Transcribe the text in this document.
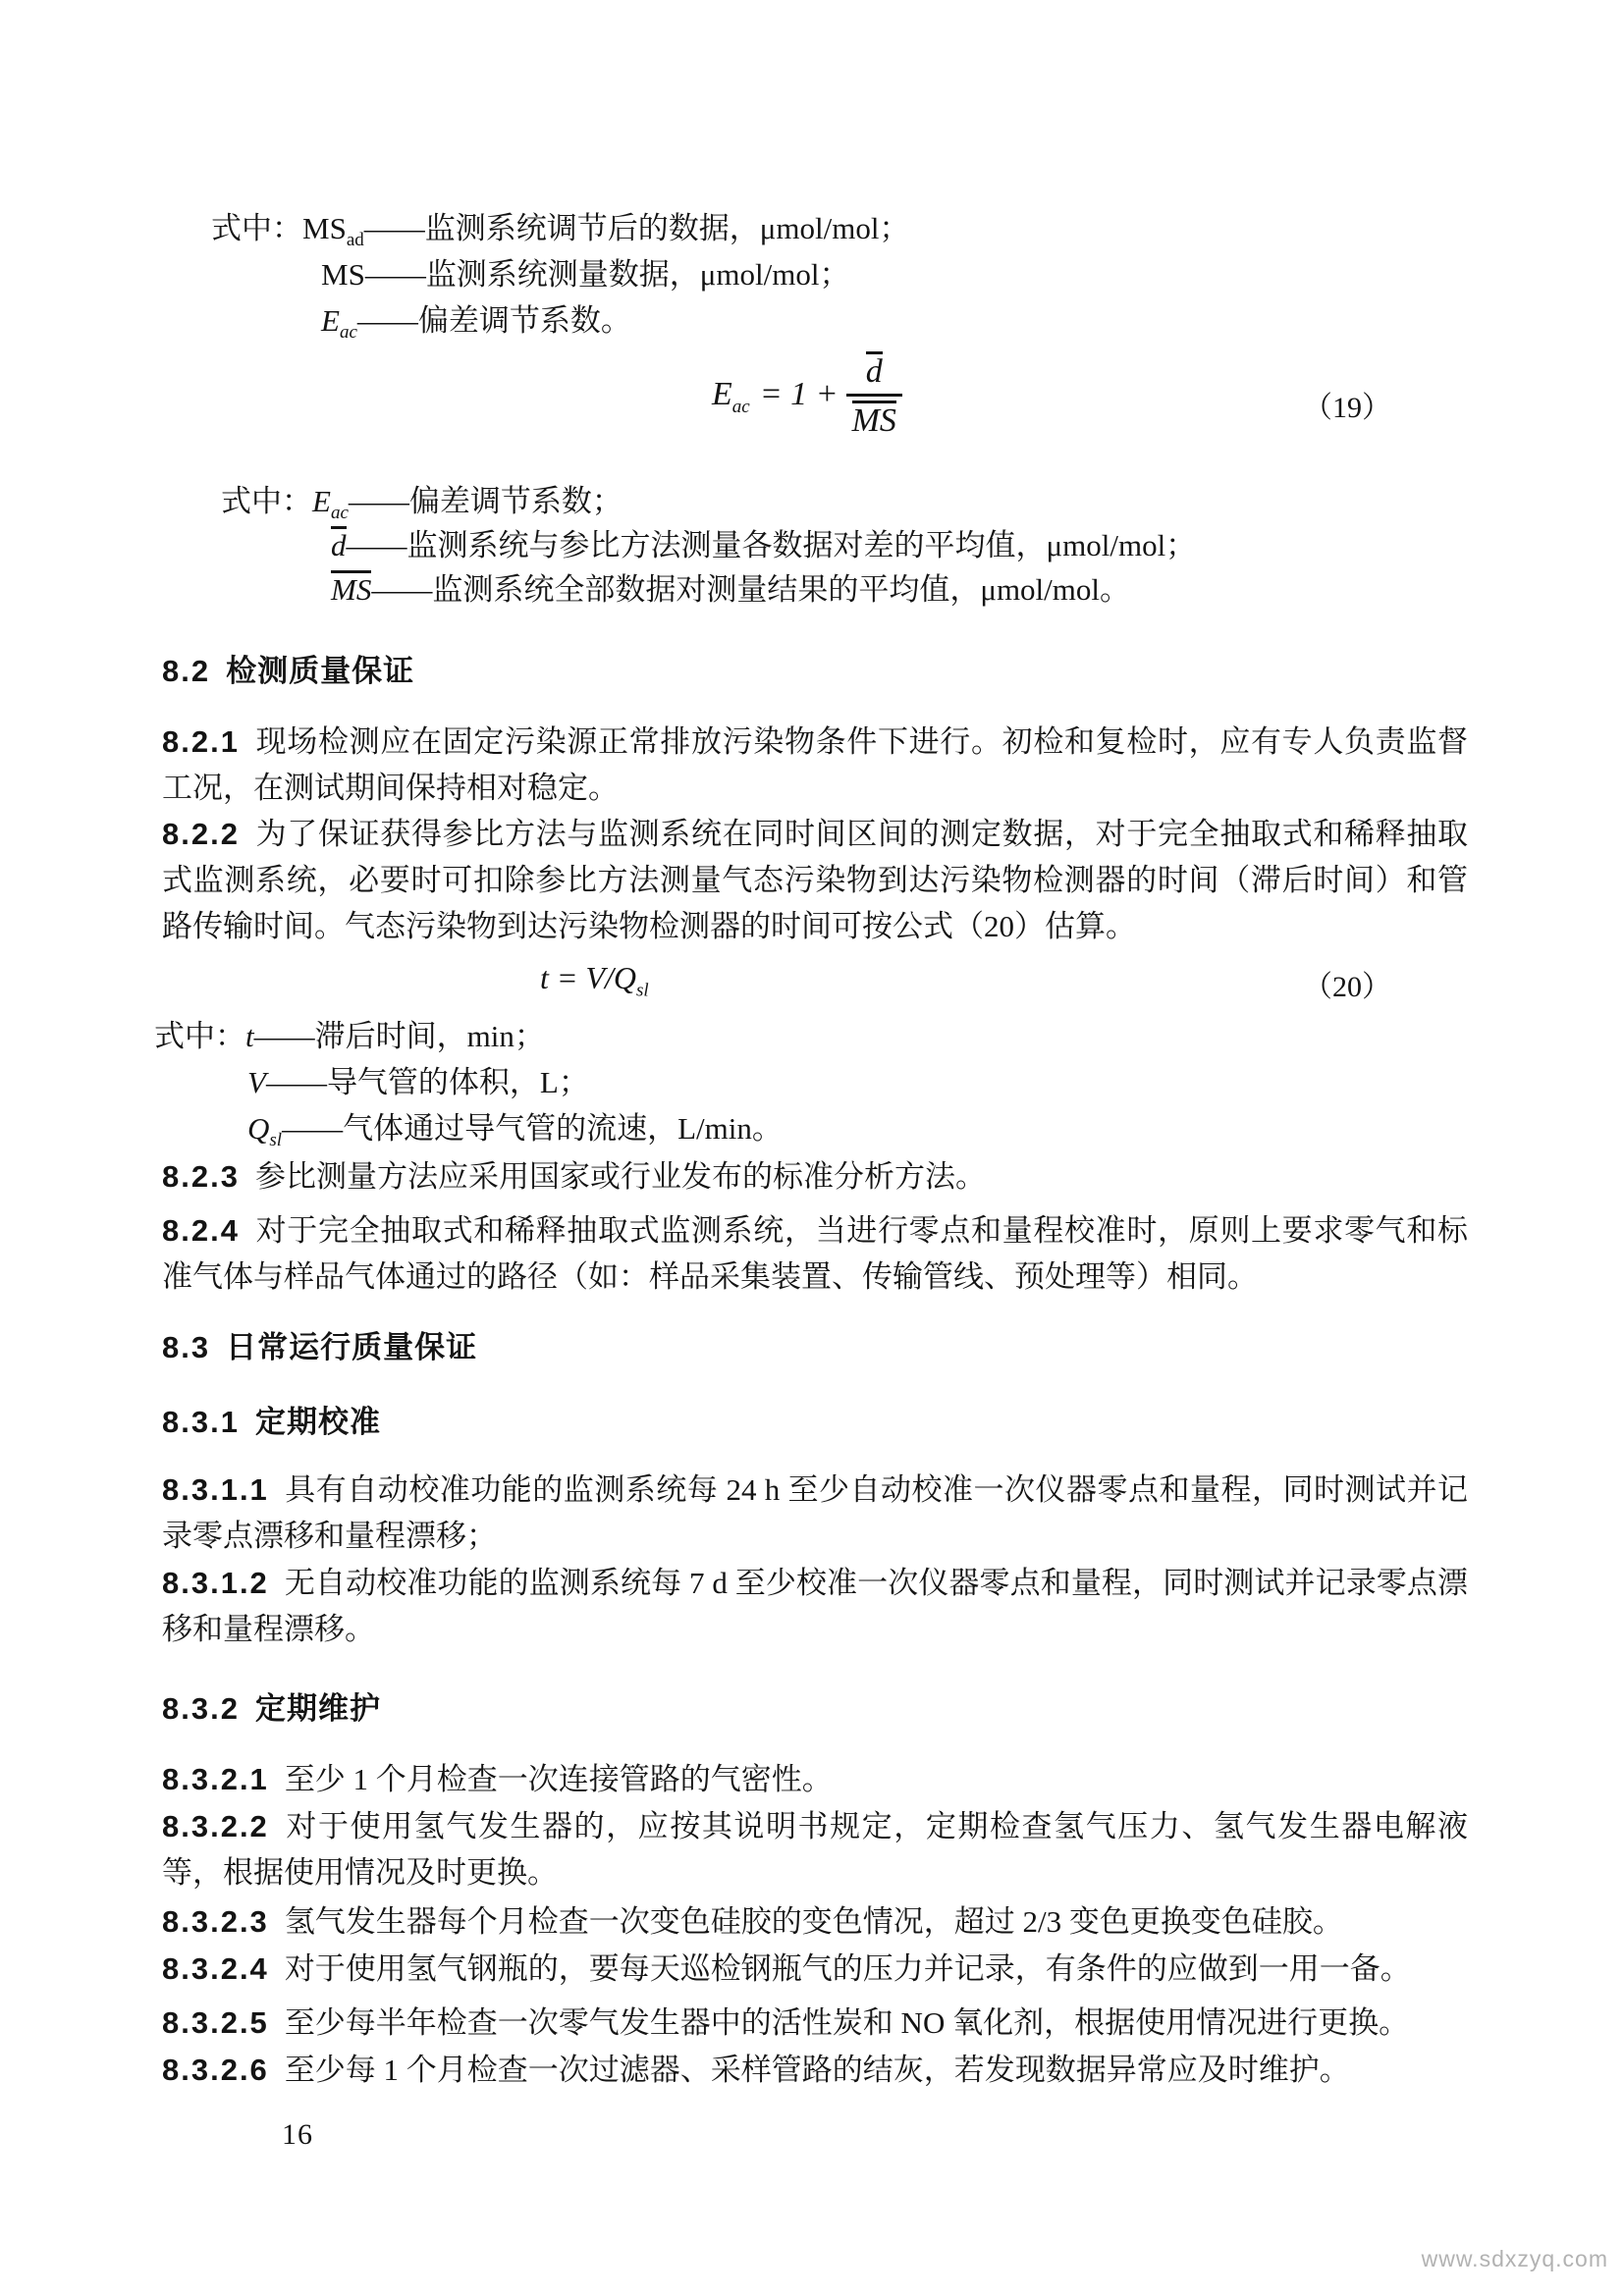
式中：$MS_{ad}——$监测系统调节后的数据，μmol/mol；
MS——监测系统测量数据，μmol/mol；
$E_{ac}——$偏差调节系数。
$E_{ac} = 1 + \frac{d}{MS}$	（19）
式中：$E_{ac}——$偏差调节系数；
d——监测系统与参比方法测量各数据对差的平均值，μmol/mol；
MS——监测系统全部数据对测量结果的平均值，μmol/mol。
8.2 检测质量保证
8.2.1 现场检测应在固定污染源正常排放污染物条件下进行。初检和复检时，应有专人负责监督工况，在测试期间保持相对稳定。
8.2.2 为了保证获得参比方法与监测系统在同时间区间的测定数据，对于完全抽取式和稀释抽取式监测系统，必要时可扣除参比方法测量气态污染物到达污染物检测器的时间（滞后时间）和管路传输时间。气态污染物到达污染物检测器的时间可按公式（20）估算。
$t = V/Q_{sl}$	（20）
式中：t——滞后时间，min；
V——导气管的体积，L；
$Q_{sl}——$气体通过导气管的流速，L/min。
8.2.3 参比测量方法应采用国家或行业发布的标准分析方法。
8.2.4 对于完全抽取式和稀释抽取式监测系统，当进行零点和量程校准时，原则上要求零气和标准气体与样品气体通过的路径（如：样品采集装置、传输管线、预处理等）相同。
8.3 日常运行质量保证
8.3.1 定期校准
8.3.1.1 具有自动校准功能的监测系统每 24 h 至少自动校准一次仪器零点和量程，同时测试并记录零点漂移和量程漂移；
8.3.1.2 无自动校准功能的监测系统每 7 d 至少校准一次仪器零点和量程，同时测试并记录零点漂移和量程漂移。
8.3.2 定期维护
8.3.2.1 至少 1 个月检查一次连接管路的气密性。
8.3.2.2 对于使用氢气发生器的，应按其说明书规定，定期检查氢气压力、氢气发生器电解液等，根据使用情况及时更换。
8.3.2.3 氢气发生器每个月检查一次变色硅胶的变色情况，超过 2/3 变色更换变色硅胶。
8.3.2.4 对于使用氢气钢瓶的，要每天巡检钢瓶气的压力并记录，有条件的应做到一用一备。
8.3.2.5 至少每半年检查一次零气发生器中的活性炭和 NO 氧化剂，根据使用情况进行更换。
8.3.2.6 至少每 1 个月检查一次过滤器、采样管路的结灰，若发现数据异常应及时维护。
16
www.sdxzyq.com
